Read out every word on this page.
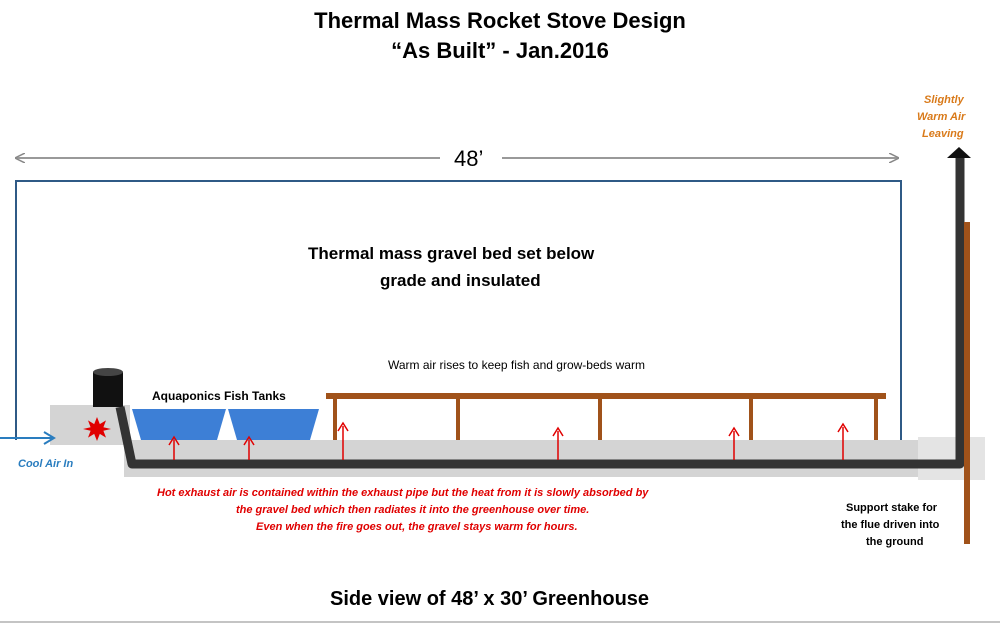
Thermal Mass Rocket Stove Design
“As Built” - Jan.2016
48’
Thermal mass gravel bed set below
grade and insulated
Warm air rises to keep fish and grow-beds warm
Aquaponics Fish Tanks
Cool Air In
Slightly
Warm Air
Leaving
Hot exhaust air is contained within the exhaust pipe but the heat from it is slowly absorbed by
the gravel bed which then radiates it into the greenhouse over time.
Even when the fire goes out, the gravel stays warm for hours.
Support stake for
the flue driven into
the ground
Side view of 48’ x 30’ Greenhouse
